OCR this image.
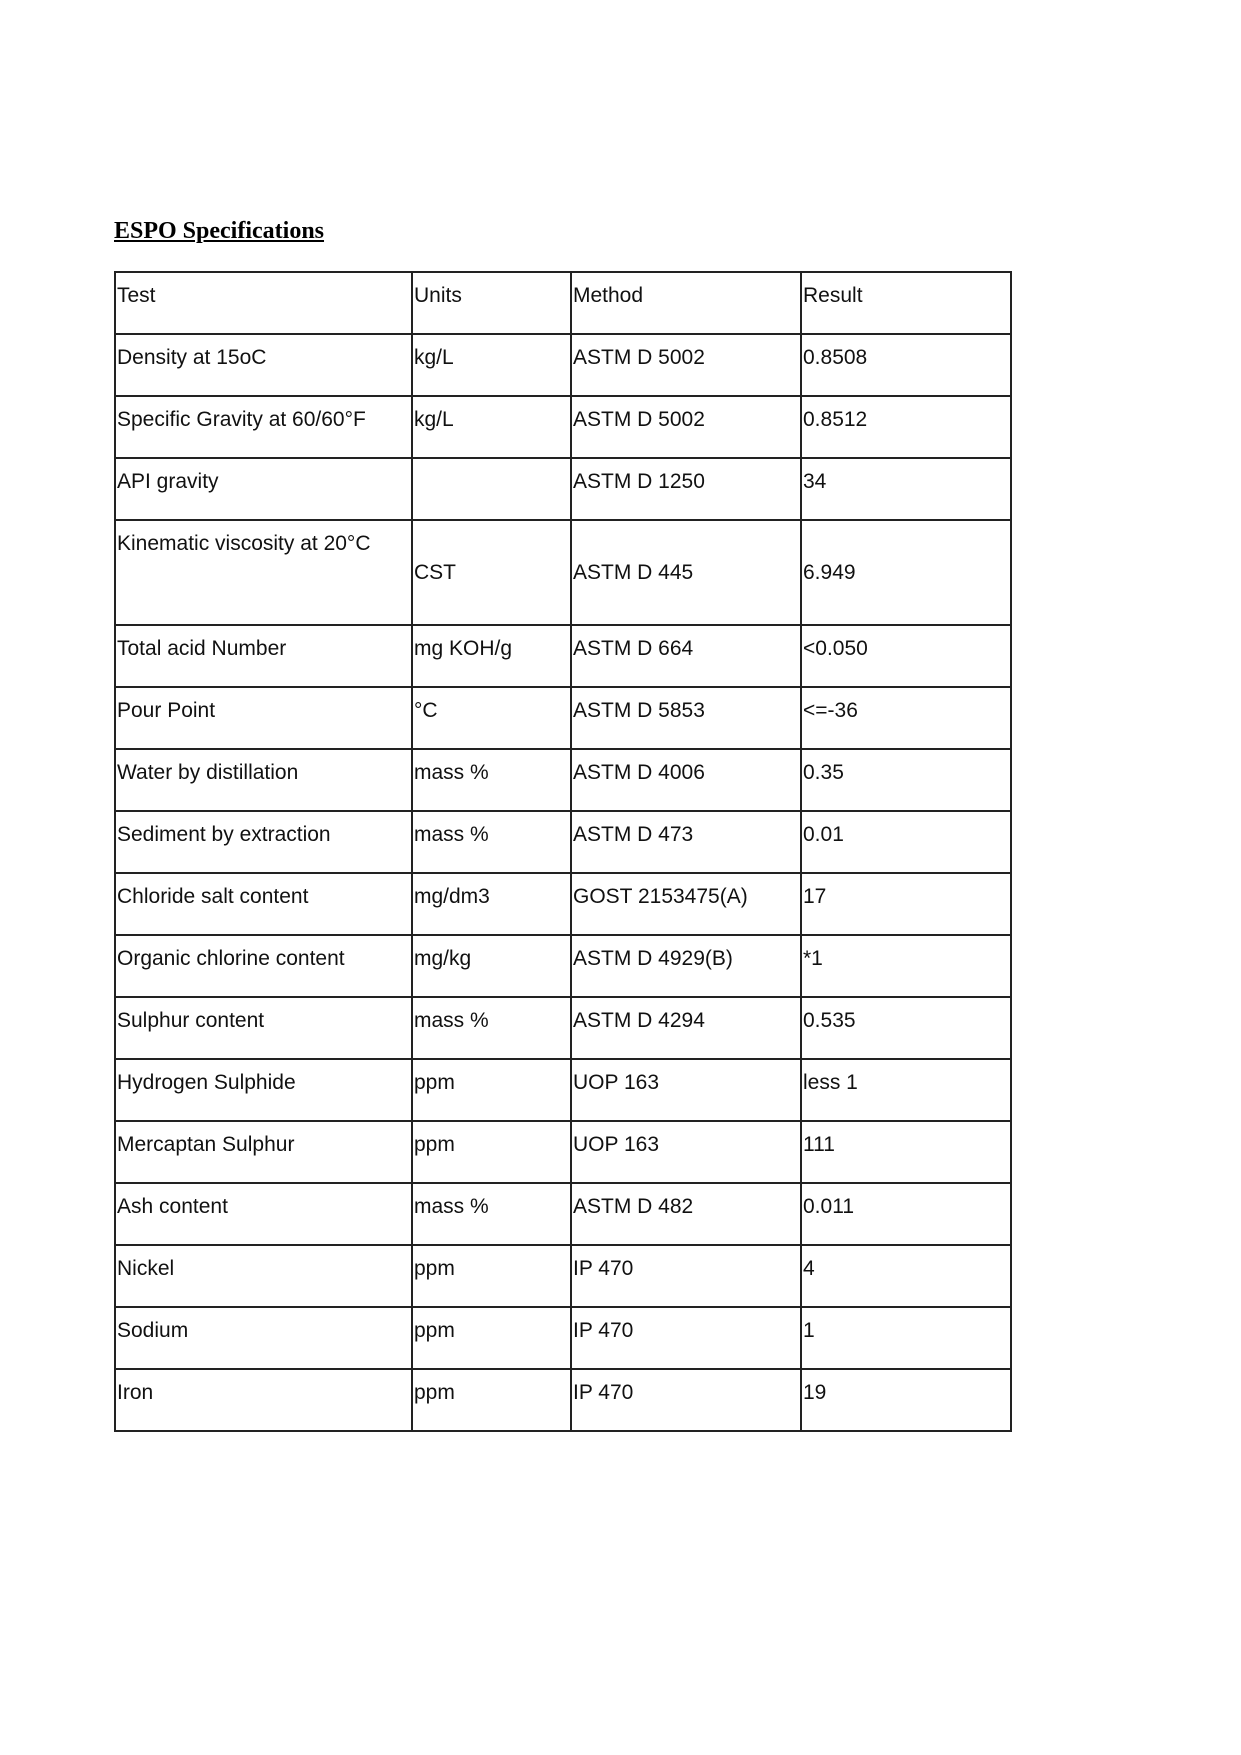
ESPO Specifications
Test	Units	Method	Result
Density at 15oC	kg/L	ASTM D 5002	0.8508
Specific Gravity at 60/60°F	kg/L	ASTM D 5002	0.8512
API gravity		ASTM D 1250	34
Kinematic viscosity at 20°C	CST	ASTM D 445	6.949
Total acid Number	mg KOH/g	ASTM D 664	<0.050
Pour Point	°C	ASTM D 5853	<=-36
Water by distillation	mass %	ASTM D 4006	0.35
Sediment by extraction	mass %	ASTM D 473	0.01
Chloride salt content	mg/dm3	GOST 2153475(A)	17
Organic chlorine content	mg/kg	ASTM D 4929(B)	*1
Sulphur content	mass %	ASTM D 4294	0.535
Hydrogen Sulphide	ppm	UOP 163	less 1
Mercaptan Sulphur	ppm	UOP 163	111
Ash content	mass %	ASTM D 482	0.011
Nickel	ppm	IP 470	4
Sodium	ppm	IP 470	1
Iron	ppm	IP 470	19
